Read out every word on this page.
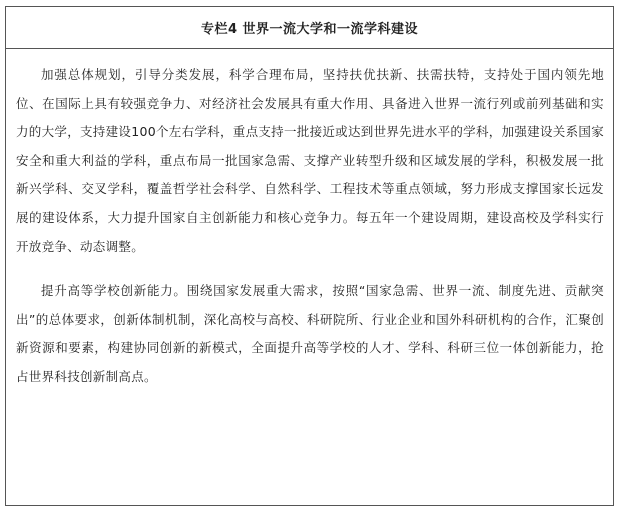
专栏4 世界一流大学和一流学科建设

加强总体规划，引导分类发展，科学合理布局，坚持扶优扶新、扶需扶特，支持处于国内领先地位、在国际上具有较强竞争力、对经济社会发展具有重大作用、具备进入世界一流行列或前列基础和实力的大学，支持建设100个左右学科，重点支持一批接近或达到世界先进水平的学科，加强建设关系国家安全和重大利益的学科，重点布局一批国家急需、支撑产业转型升级和区域发展的学科，积极发展一批新兴学科、交叉学科，覆盖哲学社会科学、自然科学、工程技术等重点领域，努力形成支撑国家长远发展的建设体系，大力提升国家自主创新能力和核心竞争力。每五年一个建设周期，建设高校及学科实行开放竞争、动态调整。

提升高等学校创新能力。围绕国家发展重大需求，按照“国家急需、世界一流、制度先进、贡献突出”的总体要求，创新体制机制，深化高校与高校、科研院所、行业企业和国外科研机构的合作，汇聚创新资源和要素，构建协同创新的新模式，全面提升高等学校的人才、学科、科研三位一体创新能力，抢占世界科技创新制高点。
